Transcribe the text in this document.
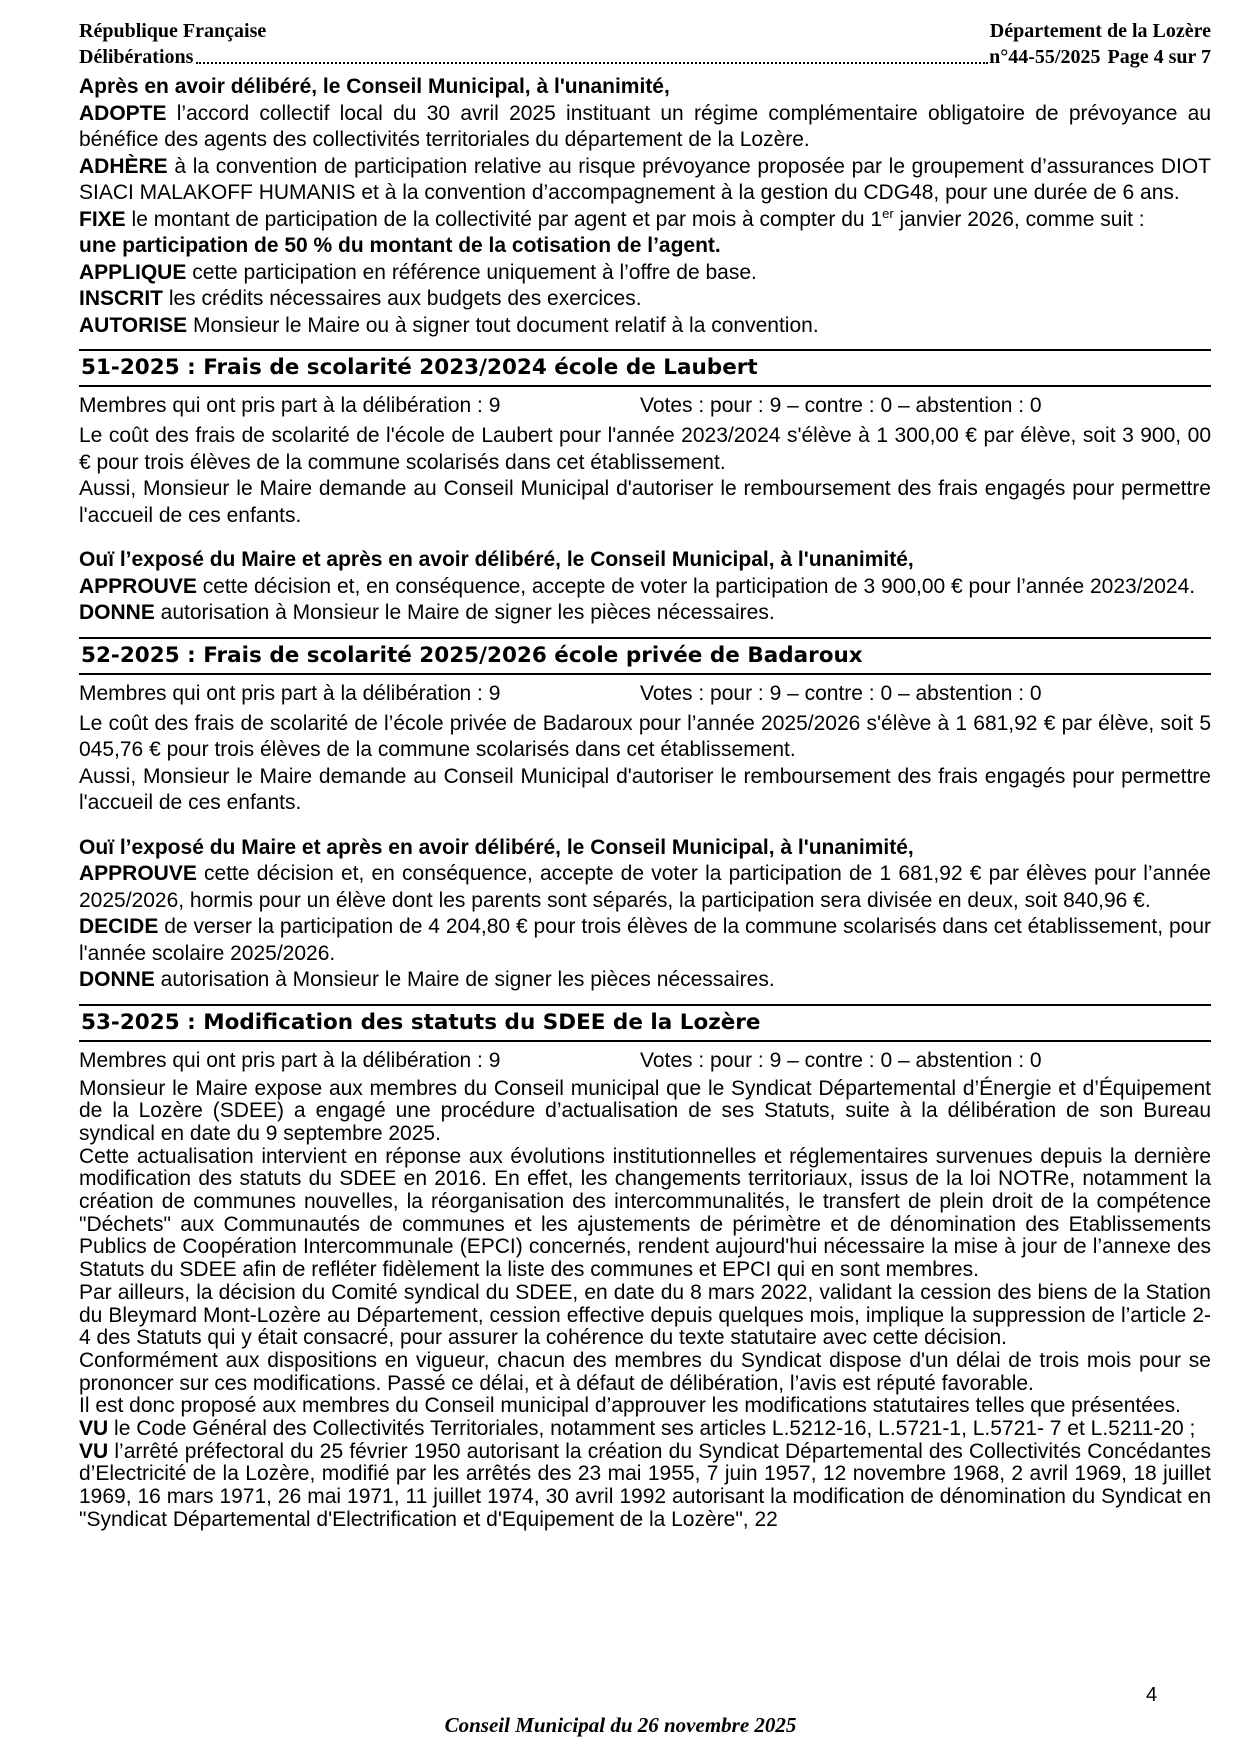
République Française	Département de la Lozère
Délibérations	n°44-55/2025 Page 4 sur 7

Après en avoir délibéré, le Conseil Municipal, à l'unanimité,

ADOPTE l’accord collectif local du 30 avril 2025 instituant un régime complémentaire obligatoire de prévoyance au bénéfice des agents des collectivités territoriales du département de la Lozère.

ADHÈRE à la convention de participation relative au risque prévoyance proposée par le groupement d’assurances DIOT SIACI MALAKOFF HUMANIS et à la convention d’accompagnement à la gestion du CDG48, pour une durée de 6 ans.

FIXE le montant de participation de la collectivité par agent et par mois à compter du 1er janvier 2026, comme suit :

une participation de 50 % du montant de la cotisation de l’agent.

APPLIQUE cette participation en référence uniquement à l’offre de base.

INSCRIT les crédits nécessaires aux budgets des exercices.

AUTORISE Monsieur le Maire ou à signer tout document relatif à la convention.

51-2025 : Frais de scolarité 2023/2024 école de Laubert
Membres qui ont pris part à la délibération : 9	Votes : pour : 9 – contre : 0 – abstention : 0

Le coût des frais de scolarité de l'école de Laubert pour l'année 2023/2024 s'élève à 1 300,00 € par élève, soit 3 900, 00 € pour trois élèves de la commune scolarisés dans cet établissement.

Aussi, Monsieur le Maire demande au Conseil Municipal d'autoriser le remboursement des frais engagés pour permettre l'accueil de ces enfants.

Ouï l’exposé du Maire et après en avoir délibéré, le Conseil Municipal, à l'unanimité,

APPROUVE cette décision et, en conséquence, accepte de voter la participation de 3 900,00 € pour l’année 2023/2024.

DONNE autorisation à Monsieur le Maire de signer les pièces nécessaires.

52-2025 : Frais de scolarité 2025/2026 école privée de Badaroux
Membres qui ont pris part à la délibération : 9	Votes : pour : 9 – contre : 0 – abstention : 0

Le coût des frais de scolarité de l’école privée de Badaroux pour l’année 2025/2026 s'élève à 1 681,92 € par élève, soit 5 045,76 € pour trois élèves de la commune scolarisés dans cet établissement.

Aussi, Monsieur le Maire demande au Conseil Municipal d'autoriser le remboursement des frais engagés pour permettre l'accueil de ces enfants.

Ouï l’exposé du Maire et après en avoir délibéré, le Conseil Municipal, à l'unanimité,

APPROUVE cette décision et, en conséquence, accepte de voter la participation de 1 681,92 € par élèves pour l’année 2025/2026, hormis pour un élève dont les parents sont séparés, la participation sera divisée en deux, soit 840,96 €.

DECIDE de verser la participation de 4 204,80 € pour trois élèves de la commune scolarisés dans cet établissement, pour l'année scolaire 2025/2026.

DONNE autorisation à Monsieur le Maire de signer les pièces nécessaires.

53-2025 : Modification des statuts du SDEE de la Lozère
Membres qui ont pris part à la délibération : 9	Votes : pour : 9 – contre : 0 – abstention : 0

Monsieur le Maire expose aux membres du Conseil municipal que le Syndicat Départemental d’Énergie et d’Équipement de la Lozère (SDEE) a engagé une procédure d’actualisation de ses Statuts, suite à la délibération de son Bureau syndical en date du 9 septembre 2025.

Cette actualisation intervient en réponse aux évolutions institutionnelles et réglementaires survenues depuis la dernière modification des statuts du SDEE en 2016. En effet, les changements territoriaux, issus de la loi NOTRe, notamment la création de communes nouvelles, la réorganisation des intercommunalités, le transfert de plein droit de la compétence "Déchets" aux Communautés de communes et les ajustements de périmètre et de dénomination des Etablissements Publics de Coopération Intercommunale (EPCI) concernés, rendent aujourd'hui nécessaire la mise à jour de l’annexe des Statuts du SDEE afin de refléter fidèlement la liste des communes et EPCI qui en sont membres.

Par ailleurs, la décision du Comité syndical du SDEE, en date du 8 mars 2022, validant la cession des biens de la Station du Bleymard Mont-Lozère au Département, cession effective depuis quelques mois, implique la suppression de l’article 2-4 des Statuts qui y était consacré, pour assurer la cohérence du texte statutaire avec cette décision.

Conformément aux dispositions en vigueur, chacun des membres du Syndicat dispose d'un délai de trois mois pour se prononcer sur ces modifications. Passé ce délai, et à défaut de délibération, l’avis est réputé favorable.

Il est donc proposé aux membres du Conseil municipal d’approuver les modifications statutaires telles que présentées.

VU le Code Général des Collectivités Territoriales, notamment ses articles L.5212-16, L.5721-1, L.5721- 7 et L.5211-20 ;

VU l’arrêté préfectoral du 25 février 1950 autorisant la création du Syndicat Départemental des Collectivités Concédantes d’Electricité de la Lozère, modifié par les arrêtés des 23 mai 1955, 7 juin 1957, 12 novembre 1968, 2 avril 1969, 18 juillet 1969, 16 mars 1971, 26 mai 1971, 11 juillet 1974, 30 avril 1992 autorisant la modification de dénomination du Syndicat en "Syndicat Départemental d'Electrification et d'Equipement de la Lozère", 22

Conseil Municipal du 26 novembre 2025
4
